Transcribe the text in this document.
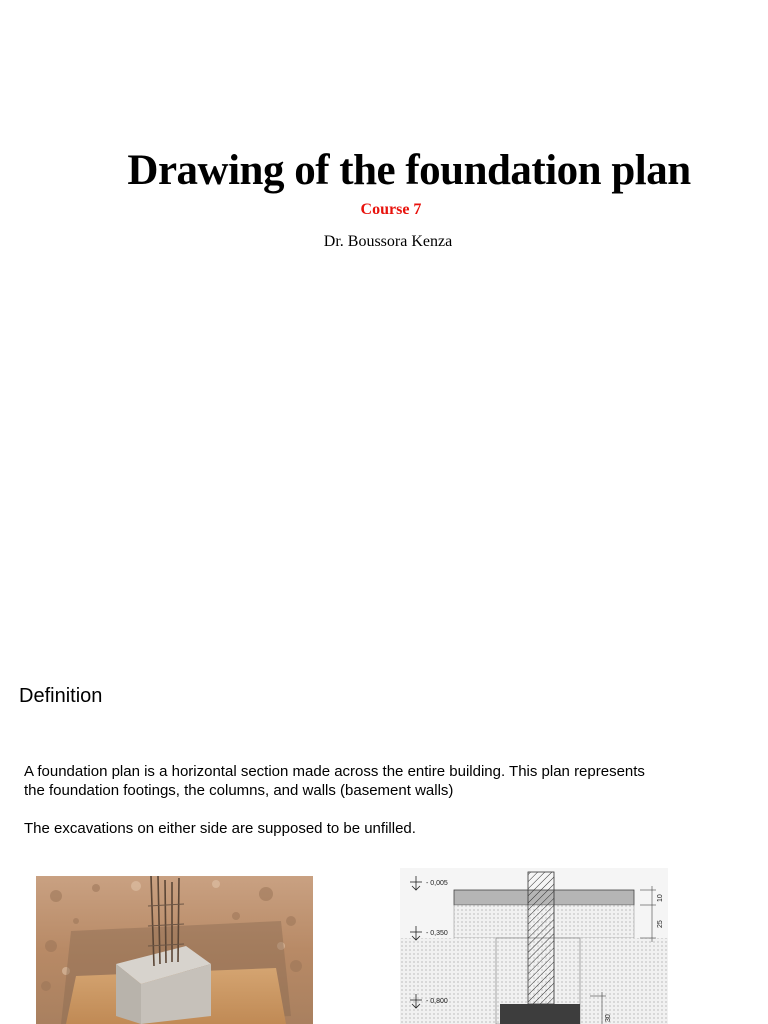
Drawing of the foundation plan
Course 7
Dr. Boussora Kenza
Definition

A foundation plan is a horizontal section made across the entire building. This plan represents the foundation footings, the columns, and walls (basement walls)

The excavations on either side are supposed to be unfilled.

- 0,005
- 0,350
- 0,800
10
25
30
